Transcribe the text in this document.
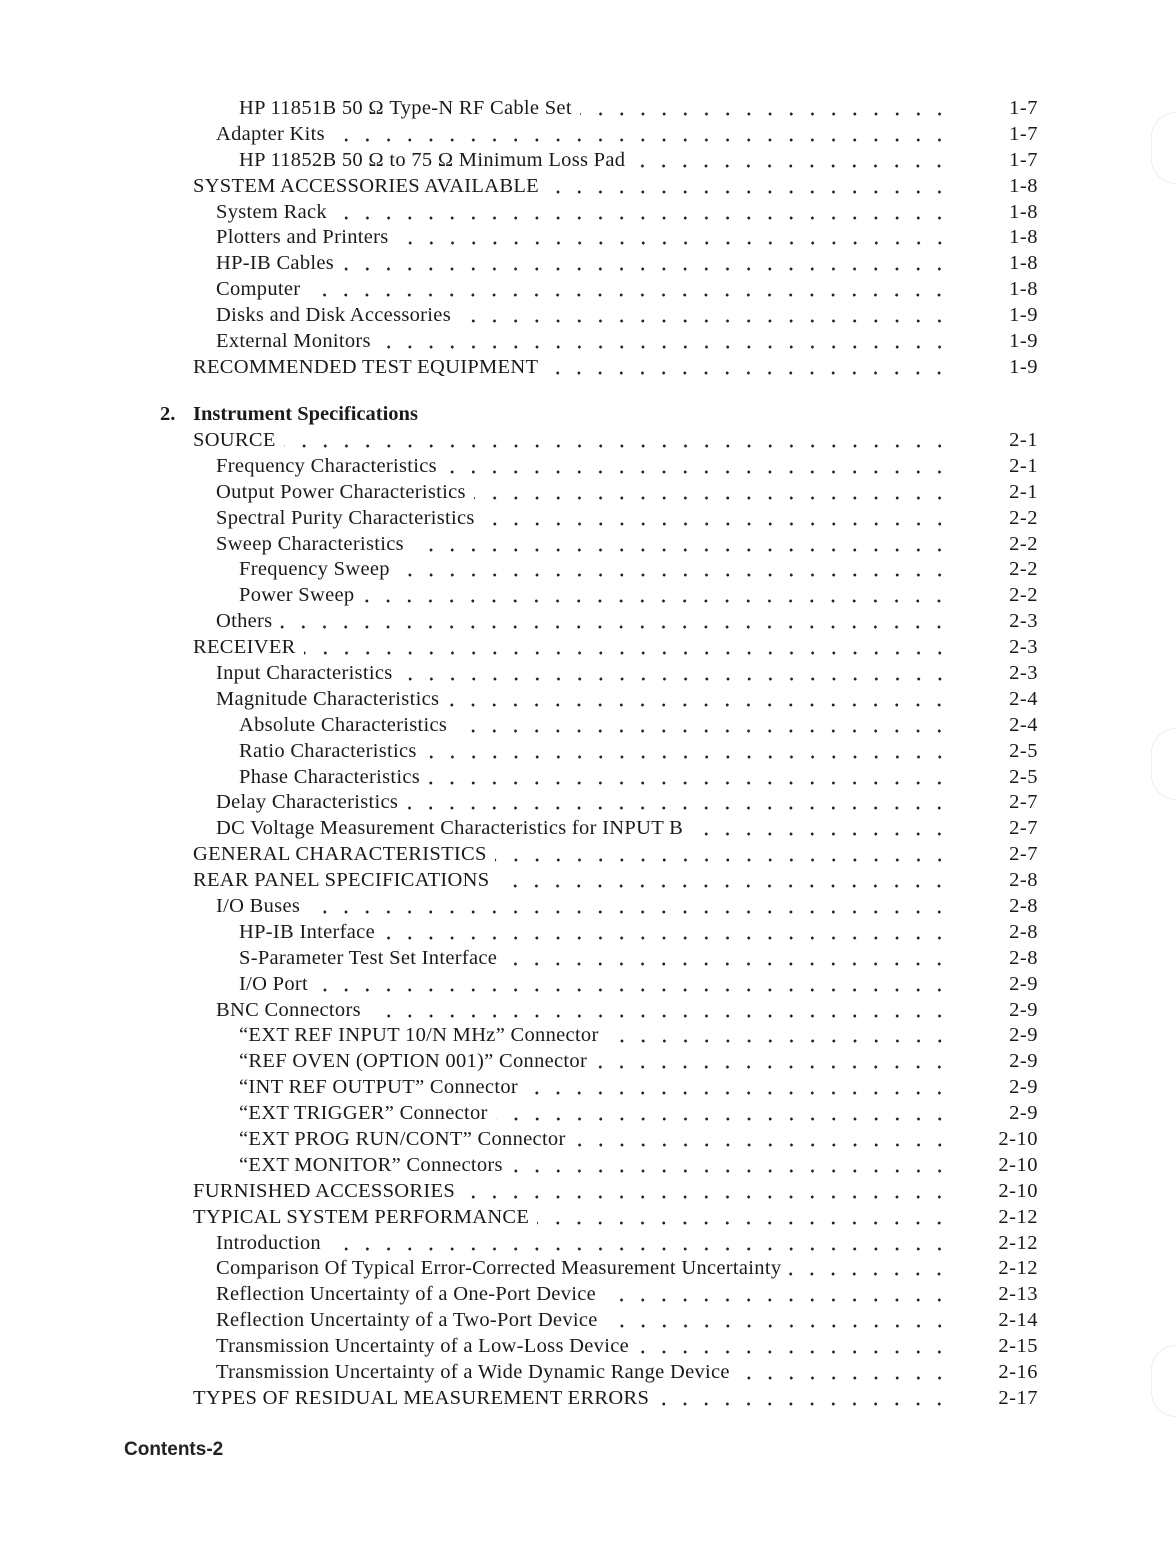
HP 11851B 50 Ω Type-N RF Cable Set	1-7
Adapter Kits	1-7
HP 11852B 50 Ω to 75 Ω Minimum Loss Pad	1-7
SYSTEM ACCESSORIES AVAILABLE	1-8
System Rack	1-8
Plotters and Printers	1-8
HP-IB Cables	1-8
Computer	1-8
Disks and Disk Accessories	1-9
External Monitors	1-9
RECOMMENDED TEST EQUIPMENT	1-9
SOURCE	2-1
Frequency Characteristics	2-1
Output Power Characteristics	2-1
Spectral Purity Characteristics	2-2
Sweep Characteristics	2-2
Frequency Sweep	2-2
Power Sweep	2-2
Others	2-3
RECEIVER	2-3
Input Characteristics	2-3
Magnitude Characteristics	2-4
Absolute Characteristics	2-4
Ratio Characteristics	2-5
Phase Characteristics	2-5
Delay Characteristics	2-7
DC Voltage Measurement Characteristics for INPUT B	2-7
GENERAL CHARACTERISTICS	2-7
REAR PANEL SPECIFICATIONS	2-8
I/O Buses	2-8
HP-IB Interface	2-8
S-Parameter Test Set Interface	2-8
I/O Port	2-9
BNC Connectors	2-9
“EXT REF INPUT 10/N MHz” Connector	2-9
“REF OVEN (OPTION 001)” Connector	2-9
“INT REF OUTPUT” Connector	2-9
“EXT TRIGGER” Connector	2-9
“EXT PROG RUN/CONT” Connector	2-10
“EXT MONITOR” Connectors	2-10
FURNISHED ACCESSORIES	2-10
TYPICAL SYSTEM PERFORMANCE	2-12
Introduction	2-12
Comparison Of Typical Error-Corrected Measurement Uncertainty	2-12
Reflection Uncertainty of a One-Port Device	2-13
Reflection Uncertainty of a Two-Port Device	2-14
Transmission Uncertainty of a Low-Loss Device	2-15
Transmission Uncertainty of a Wide Dynamic Range Device	2-16
TYPES OF RESIDUAL MEASUREMENT ERRORS	2-17
2. Instrument Specifications
Contents-2
